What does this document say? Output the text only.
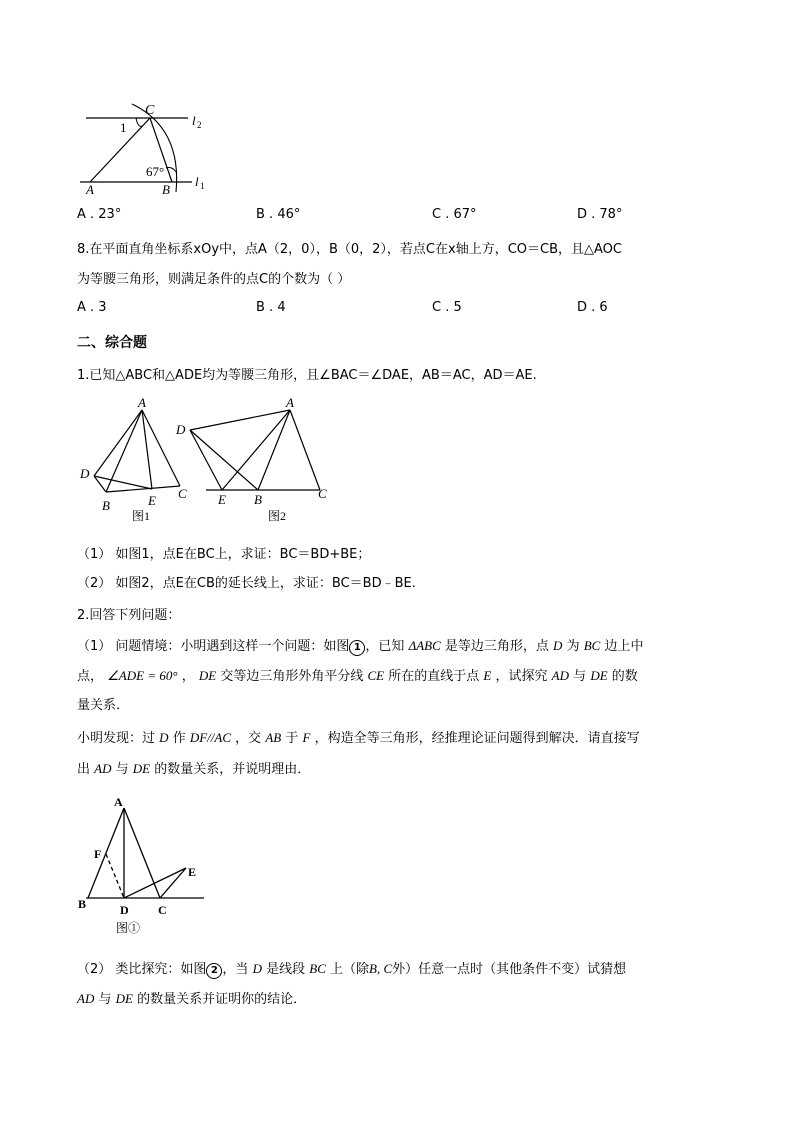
C
1
67°
A	B
l 2
l 1
A . 23°	B . 46°	C . 67°	D . 78°
8.在平面直角坐标系xOy中，点A（2，0），B（0，2），若点C在x轴上方，CO＝CB，且△AOC
为等腰三角形，则满足条件的点C的个数为（ ）
A . 3	B . 4	C . 5	D . 6
二、综合题
1.已知△ABC和△ADE均为等腰三角形，且∠BAC＝∠DAE，AB＝AC，AD＝AE.
A
D
B	E C
图1
A
D
E B	C
图2
（1） 如图1，点E在BC上，求证：BC＝BD+BE；
（2） 如图2，点E在CB的延长线上，求证：BC＝BD﹣BE.
2.回答下列问题：
（1） 问题情境：小明遇到这样一个问题：如图 1 ，已知 ΔABC 是等边三角形，点 D 为 BC 边上中
点， ∠ADE = 60° ， DE 交等边三角形外角平分线 CE 所在的直线于点 E ，试探究 AD 与 DE 的数
量关系．
小明发现：过 D 作 DF//AC ，交 AB 于 F ，构造全等三角形，经推理论证问题得到解决．请直接写
出 AD 与 DE 的数量关系，并说明理由．
A
F
B	D C
E
图①
（2） 类比探究：如图 2 ，当 D 是线段 BC 上（除B, C外）任意一点时（其他条件不变）试猜想
AD 与 DE 的数量关系并证明你的结论．
